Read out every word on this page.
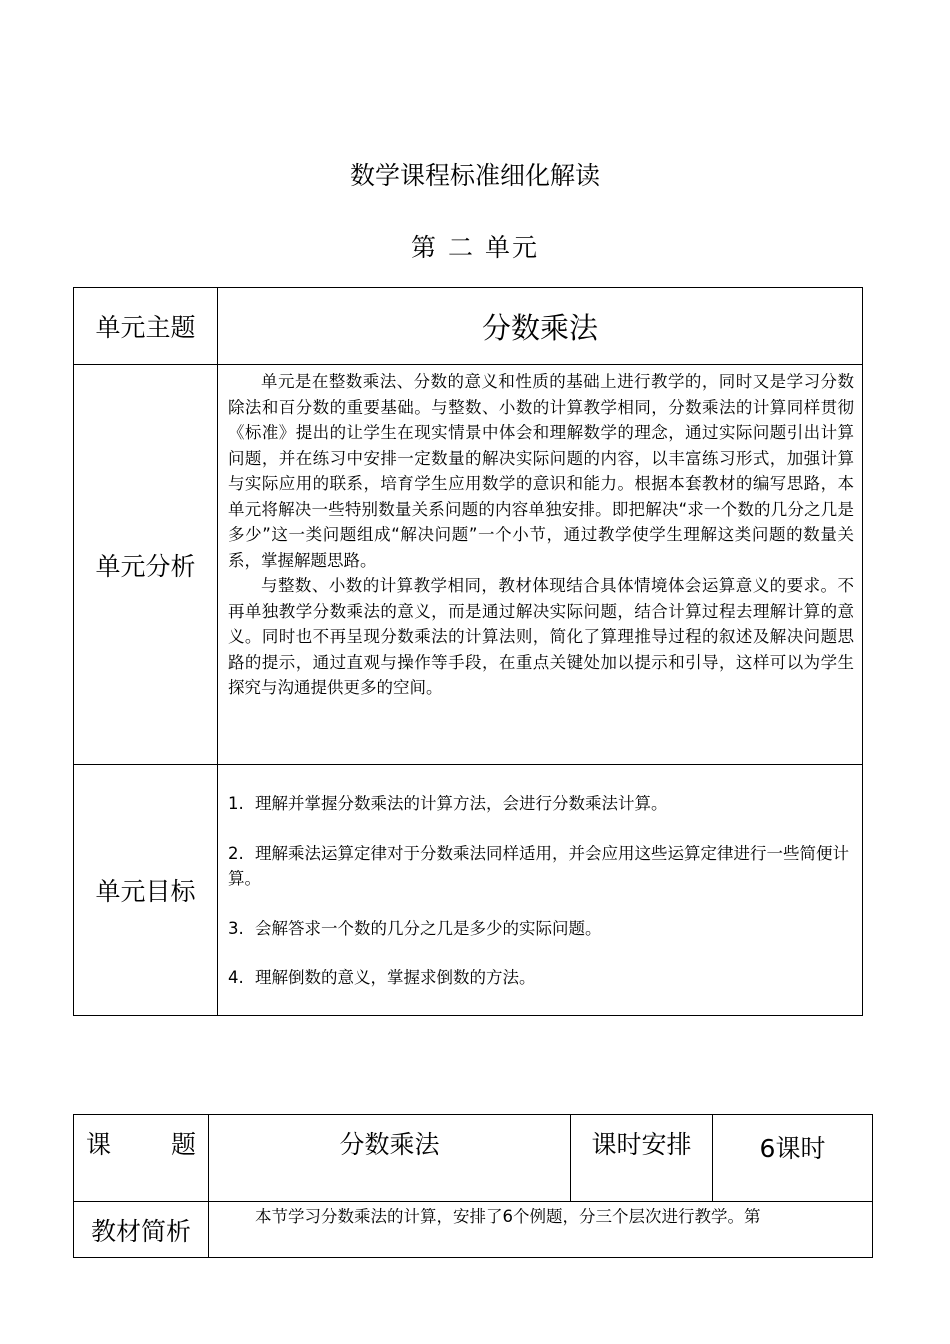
数学课程标准细化解读
第 二 单元
单元主题	分数乘法
单元分析	单元是在整数乘法、分数的意义和性质的基础上进行教学的，同时又是学习分数除法和百分数的重要基础。与整数、小数的计算教学相同，分数乘法的计算同样贯彻《标准》提出的让学生在现实情景中体会和理解数学的理念，通过实际问题引出计算问题，并在练习中安排一定数量的解决实际问题的内容，以丰富练习形式，加强计算与实际应用的联系，培育学生应用数学的意识和能力。根据本套教材的编写思路，本单元将解决一些特别数量关系问题的内容单独安排。即把解决“求一个数的几分之几是多少”这一类问题组成“解决问题”一个小节，通过教学使学生理解这类问题的数量关系，掌握解题思路。

与整数、小数的计算教学相同，教材体现结合具体情境体会运算意义的要求。不再单独教学分数乘法的意义，而是通过解决实际问题，结合计算过程去理解计算的意义。同时也不再呈现分数乘法的计算法则，简化了算理推导过程的叙述及解决问题思路的提示，通过直观与操作等手段，在重点关键处加以提示和引导，这样可以为学生探究与沟通提供更多的空间。

单元目标	1. 理解并掌握分数乘法的计算方法，会进行分数乘法计算。
2. 理解乘法运算定律对于分数乘法同样适用，并会应用这些运算定律进行一些简便计算。
3. 会解答求一个数的几分之几是多少的实际问题。
4. 理解倒数的意义，掌握求倒数的方法。
课 题	分数乘法	课时安排	6课时
教材简析	本节学习分数乘法的计算，安排了6个例题，分三个层次进行教学。第		
